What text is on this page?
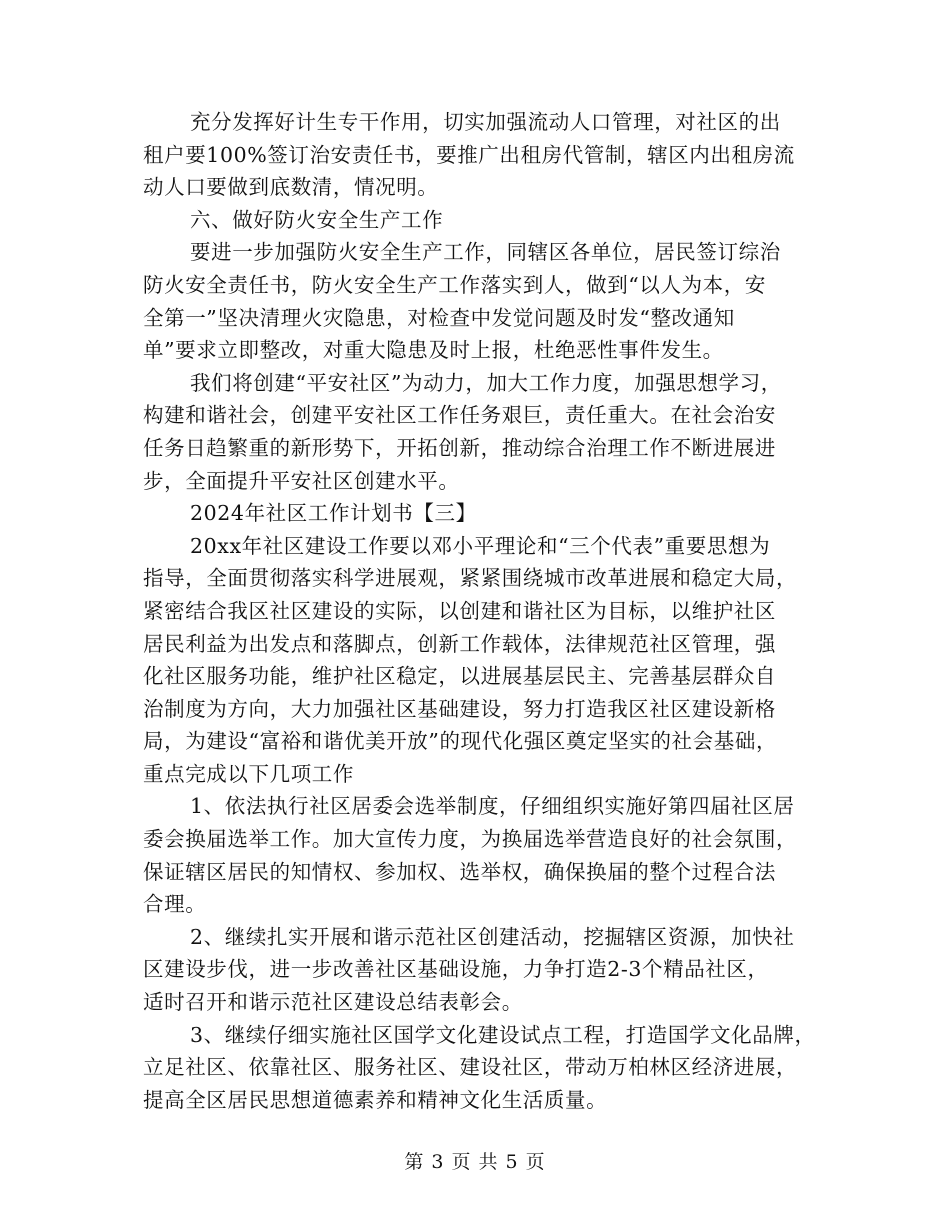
充分发挥好计生专干作用，切实加强流动人口管理，对社区的出
租户要100%签订治安责任书，要推广出租房代管制，辖区内出租房流
动人口要做到底数清，情况明。
六、做好防火安全生产工作
要进一步加强防火安全生产工作，同辖区各单位，居民签订综治
防火安全责任书，防火安全生产工作落实到人，做到“以人为本，安
全第一”坚决清理火灾隐患，对检查中发觉问题及时发“整改通知
单”要求立即整改，对重大隐患及时上报，杜绝恶性事件发生。
我们将创建“平安社区”为动力，加大工作力度，加强思想学习，
构建和谐社会，创建平安社区工作任务艰巨，责任重大。在社会治安
任务日趋繁重的新形势下，开拓创新，推动综合治理工作不断进展进
步，全面提升平安社区创建水平。
2024年社区工作计划书【三】
20xx年社区建设工作要以邓小平理论和“三个代表”重要思想为
指导，全面贯彻落实科学进展观，紧紧围绕城市改革进展和稳定大局，
紧密结合我区社区建设的实际，以创建和谐社区为目标，以维护社区
居民利益为出发点和落脚点，创新工作载体，法律规范社区管理，强
化社区服务功能，维护社区稳定，以进展基层民主、完善基层群众自
治制度为方向，大力加强社区基础建设，努力打造我区社区建设新格
局，为建设“富裕和谐优美开放”的现代化强区奠定坚实的社会基础，
重点完成以下几项工作
1、依法执行社区居委会选举制度，仔细组织实施好第四届社区居
委会换届选举工作。加大宣传力度，为换届选举营造良好的社会氛围，
保证辖区居民的知情权、参加权、选举权，确保换届的整个过程合法
合理。
2、继续扎实开展和谐示范社区创建活动，挖掘辖区资源，加快社
区建设步伐，进一步改善社区基础设施，力争打造2-3个精品社区，
适时召开和谐示范社区建设总结表彰会。
3、继续仔细实施社区国学文化建设试点工程，打造国学文化品牌，
立足社区、依靠社区、服务社区、建设社区，带动万柏林区经济进展，
提高全区居民思想道德素养和精神文化生活质量。
第 3 页 共 5 页
